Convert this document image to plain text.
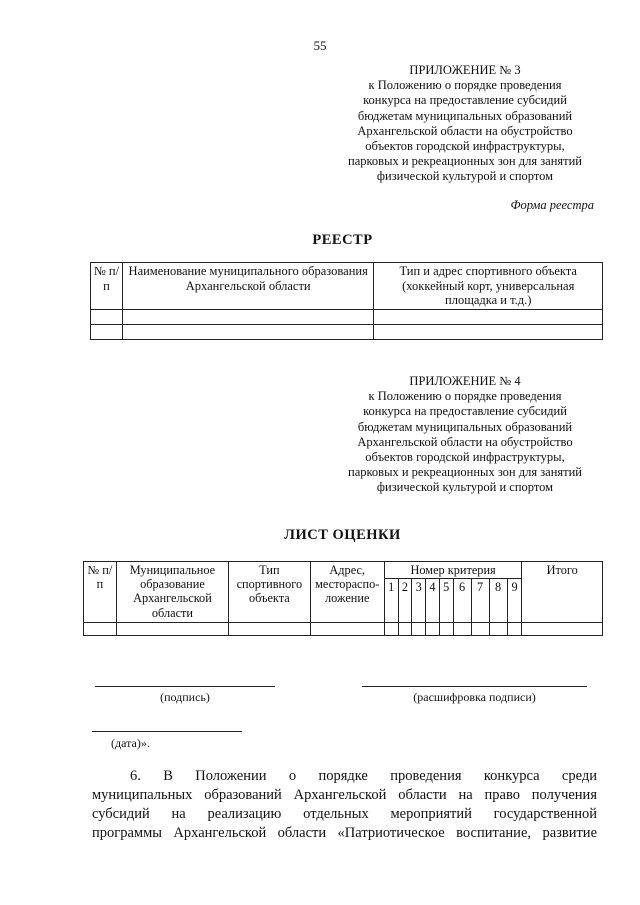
55
ПРИЛОЖЕНИЕ № 3
к Положению о порядке проведения
конкурса на предоставление субсидий
бюджетам муниципальных образований
Архангельской области на обустройство
объектов городской инфраструктуры,
парковых и рекреационных зон для занятий
физической культурой и спортом
Форма реестра
РЕЕСТР
№ п/п	Наименование муниципального образования Архангельской области	Тип и адрес спортивного объекта (хоккейный корт, универсальная площадка и т.д.)

ПРИЛОЖЕНИЕ № 4
к Положению о порядке проведения
конкурса на предоставление субсидий
бюджетам муниципальных образований
Архангельской области на обустройство
объектов городской инфраструктуры,
парковых и рекреационных зон для занятий
физической культурой и спортом
ЛИСТ ОЦЕНКИ
№ п/п	Муниципальное образование Архангельской области	Тип спортивного объекта	Адрес, местораспо-ложение	Номер критерия									Итого
				1	2	3	4	5	6	7	8	9	

(подпись)	(расшифровка подписи)
(дата)».
6. В Положении о порядке проведения конкурса среди
муниципальных образований Архангельской области на право получения
субсидий на реализацию отдельных мероприятий государственной
программы Архангельской области «Патриотическое воспитание, развитие
